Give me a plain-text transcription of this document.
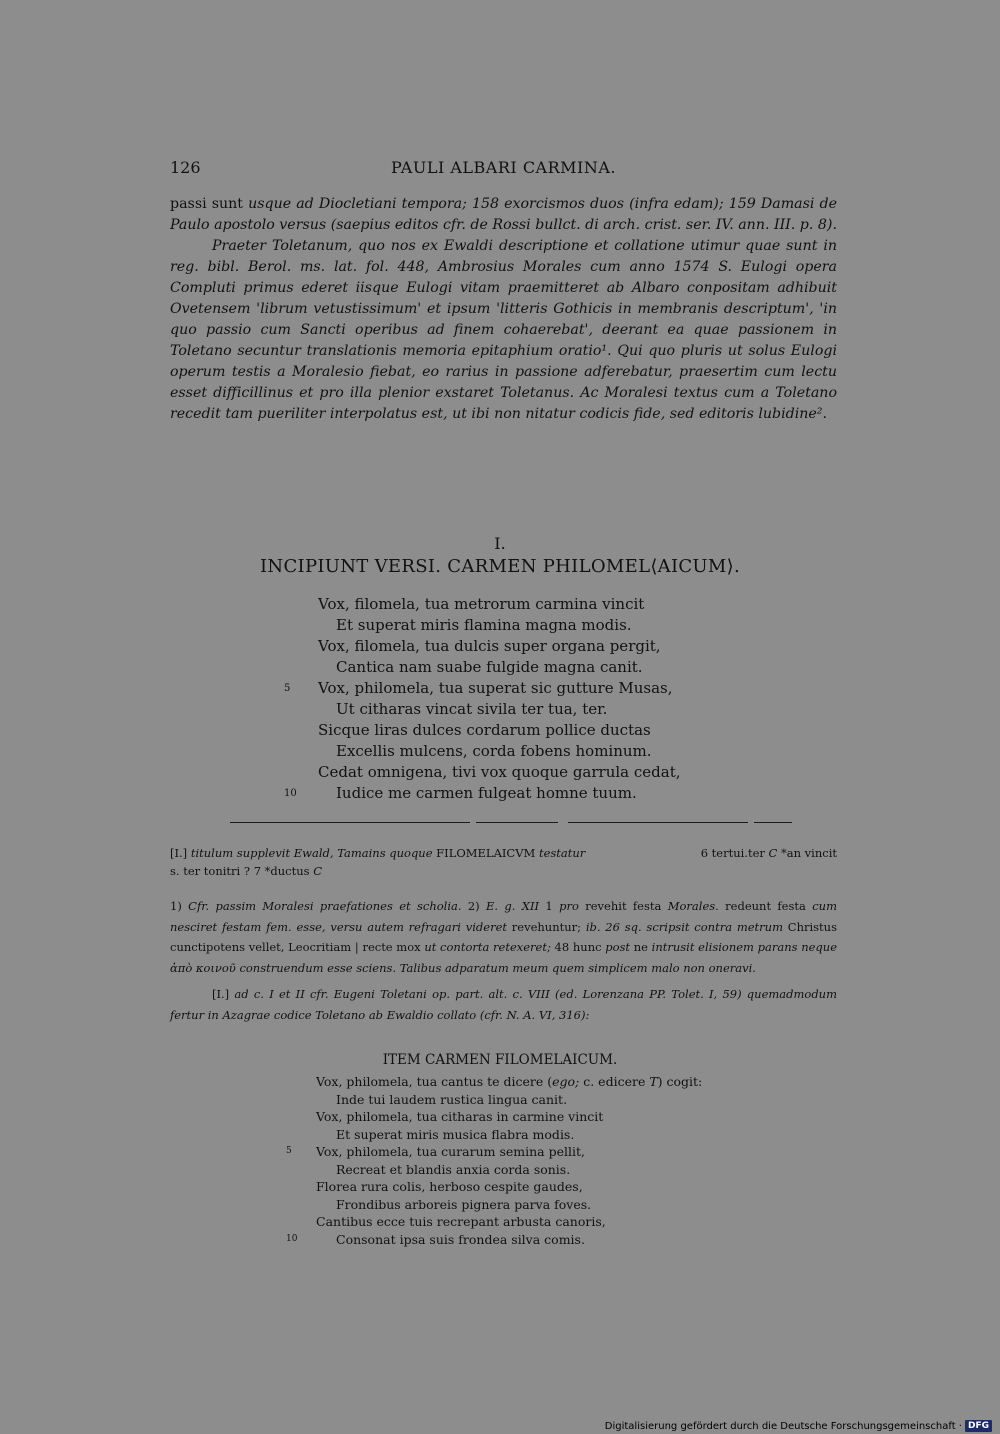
126	PAULI ALBARI CARMINA.

passi sunt usque ad Diocletiani tempora; 158 exorcismos duos (infra edam); 159 Damasi de Paulo apostolo versus (saepius editos cfr. de Rossi bullct. di arch. crist. ser. IV. ann. III. p. 8).

Praeter Toletanum, quo nos ex Ewaldi descriptione et collatione utimur quae sunt in reg. bibl. Berol. ms. lat. fol. 448, Ambrosius Morales cum anno 1574 S. Eulogi opera Compluti primus ederet iisque Eulogi vitam praemitteret ab Albaro conpositam adhibuit Ovetensem 'librum vetustissimum' et ipsum 'litteris Gothicis in membranis descriptum', 'in quo passio cum Sancti operibus ad finem cohaerebat', deerant ea quae passionem in Toletano secuntur translationis memoria epitaphium oratio¹. Qui quo pluris ut solus Eulogi operum testis a Moralesio fiebat, eo rarius in passione adferebatur, praesertim cum lectu esset difficillinus et pro illa plenior exstaret Toletanus. Ac Moralesi textus cum a Toletano recedit tam pueriliter interpolatus est, ut ibi non nitatur codicis fide, sed editoris lubidine².

I.
INCIPIUNT VERSI. CARMEN PHILOMEL⟨AICUM⟩.
Vox, filomela, tua metrorum carmina vincit
Et superat miris flamina magna modis.
Vox, filomela, tua dulcis super organa pergit,
Cantica nam suabe fulgide magna canit.
5 Vox, philomela, tua superat sic gutture Musas,
Ut citharas vincat sivila ter tua, ter.
Sicque liras dulces cordarum pollice ductas
Excellis mulcens, corda fobens hominum.
Cedat omnigena, tivi vox quoque garrula cedat,
10	Iudice me carmen fulgeat homne tuum.
[I.] titulum supplevit Ewald, Tamains quoque FILOMELAICVM testatur	6 tertui.ter C *an vincit
s. ter tonitri ? 7 *ductus C

1) Cfr. passim Moralesi praefationes et scholia. 2) E. g. XII 1 pro revehit festa Morales. redeunt festa cum nesciret festam fem. esse, versu autem refragari videret revehuntur; ib. 26 sq. scripsit contra metrum Christus cunctipotens vellet, Leocritiam | recte mox ut contorta retexeret; 48 hunc post ne intrusit elisionem parans neque ἀπὸ κοινοῦ construendum esse sciens. Talibus adparatum meum quem simplicem malo non oneravi.

[I.] ad c. I et II cfr. Eugeni Toletani op. part. alt. c. VIII (ed. Lorenzana PP. Tolet. I, 59) quemadmodum fertur in Azagrae codice Toletano ab Ewaldio collato (cfr. N. A. VI, 316):

ITEM CARMEN FILOMELAICUM.
Vox, philomela, tua cantus te dicere (ego; c. edicere T) cogit:
Inde tui laudem rustica lingua canit.
Vox, philomela, tua citharas in carmine vincit
Et superat miris musica flabra modis.
5 Vox, philomela, tua curarum semina pellit,
Recreat et blandis anxia corda sonis.
Florea rura colis, herboso cespite gaudes,
Frondibus arboreis pignera parva foves.
Cantibus ecce tuis recrepant arbusta canoris,
10	Consonat ipsa suis frondea silva comis.
Digitalisierung gefördert durch die Deutsche Forschungsgemeinschaft · DFG
